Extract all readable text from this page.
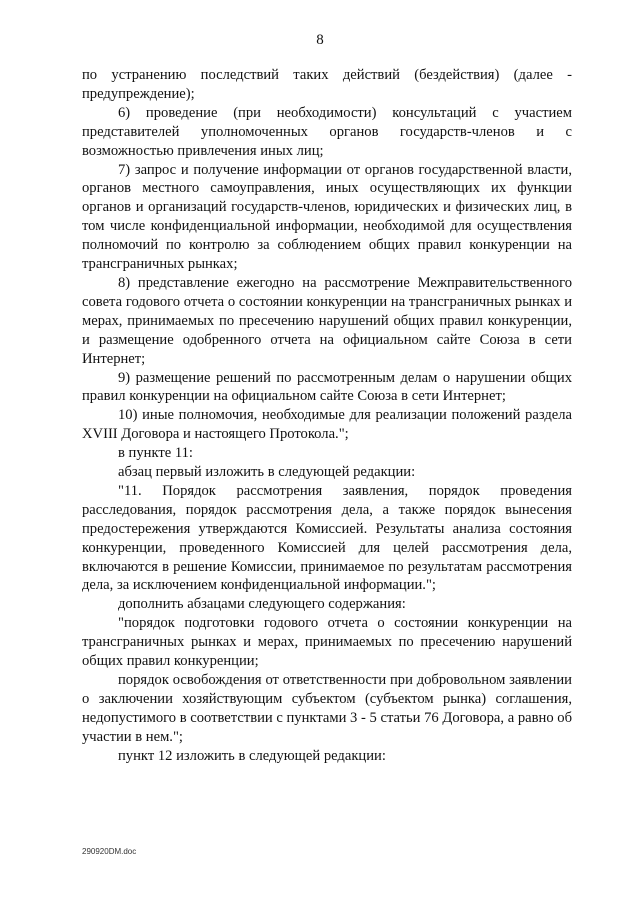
8

по устранению последствий таких действий (бездействия) (далее - предупреждение);

6) проведение (при необходимости) консультаций с участием представителей уполномоченных органов государств-членов и с возможностью привлечения иных лиц;

7) запрос и получение информации от органов государственной власти, органов местного самоуправления, иных осуществляющих их функции органов и организаций государств-членов, юридических и физических лиц, в том числе конфиденциальной информации, необходимой для осуществления полномочий по контролю за соблюдением общих правил конкуренции на трансграничных рынках;

8) представление ежегодно на рассмотрение Межправительственного совета годового отчета о состоянии конкуренции на трансграничных рынках и мерах, принимаемых по пресечению нарушений общих правил конкуренции, и размещение одобренного отчета на официальном сайте Союза в сети Интернет;

9) размещение решений по рассмотренным делам о нарушении общих правил конкуренции на официальном сайте Союза в сети Интернет;

10) иные полномочия, необходимые для реализации положений раздела XVIII Договора и настоящего Протокола.";

в пункте 11:

абзац первый изложить в следующей редакции:

"11. Порядок рассмотрения заявления, порядок проведения расследования, порядок рассмотрения дела, а также порядок вынесения предостережения утверждаются Комиссией. Результаты анализа состояния конкуренции, проведенного Комиссией для целей рассмотрения дела, включаются в решение Комиссии, принимаемое по результатам рассмотрения дела, за исключением конфиденциальной информации.";

дополнить абзацами следующего содержания:

"порядок подготовки годового отчета о состоянии конкуренции на трансграничных рынках и мерах, принимаемых по пресечению нарушений общих правил конкуренции;

порядок освобождения от ответственности при добровольном заявлении о заключении хозяйствующим субъектом (субъектом рынка) соглашения, недопустимого в соответствии с пунктами 3 - 5 статьи 76 Договора, а равно об участии в нем.";

пункт 12 изложить в следующей редакции:

290920DM.doc
